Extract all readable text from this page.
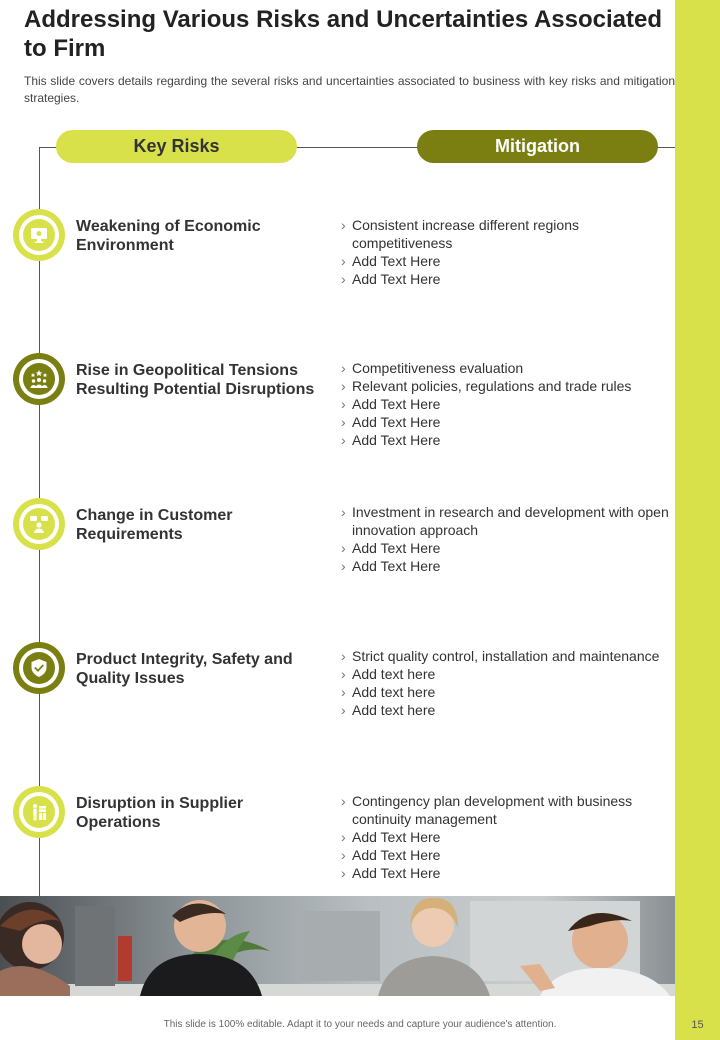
Addressing Various Risks and Uncertainties Associated to Firm

This slide covers details regarding the several risks and uncertainties associated to business with key risks and mitigation strategies.

Key Risks	Mitigation

Weakening of Economic Environment

› Consistent increase different regions competitiveness
› Add Text Here
› Add Text Here

Rise in Geopolitical Tensions Resulting Potential Disruptions

› Competitiveness evaluation
› Relevant policies, regulations and trade rules
› Add Text Here
› Add Text Here
› Add Text Here

Change in Customer Requirements

› Investment in research and development with open innovation approach
› Add Text Here
› Add Text Here

Product Integrity, Safety and Quality Issues

› Strict quality control, installation and maintenance
› Add text here
› Add text here
› Add text here

Disruption in Supplier Operations

› Contingency plan development with business continuity management
› Add Text Here
› Add Text Here
› Add Text Here
This slide is 100% editable. Adapt it to your needs and capture your audience's attention.	15
